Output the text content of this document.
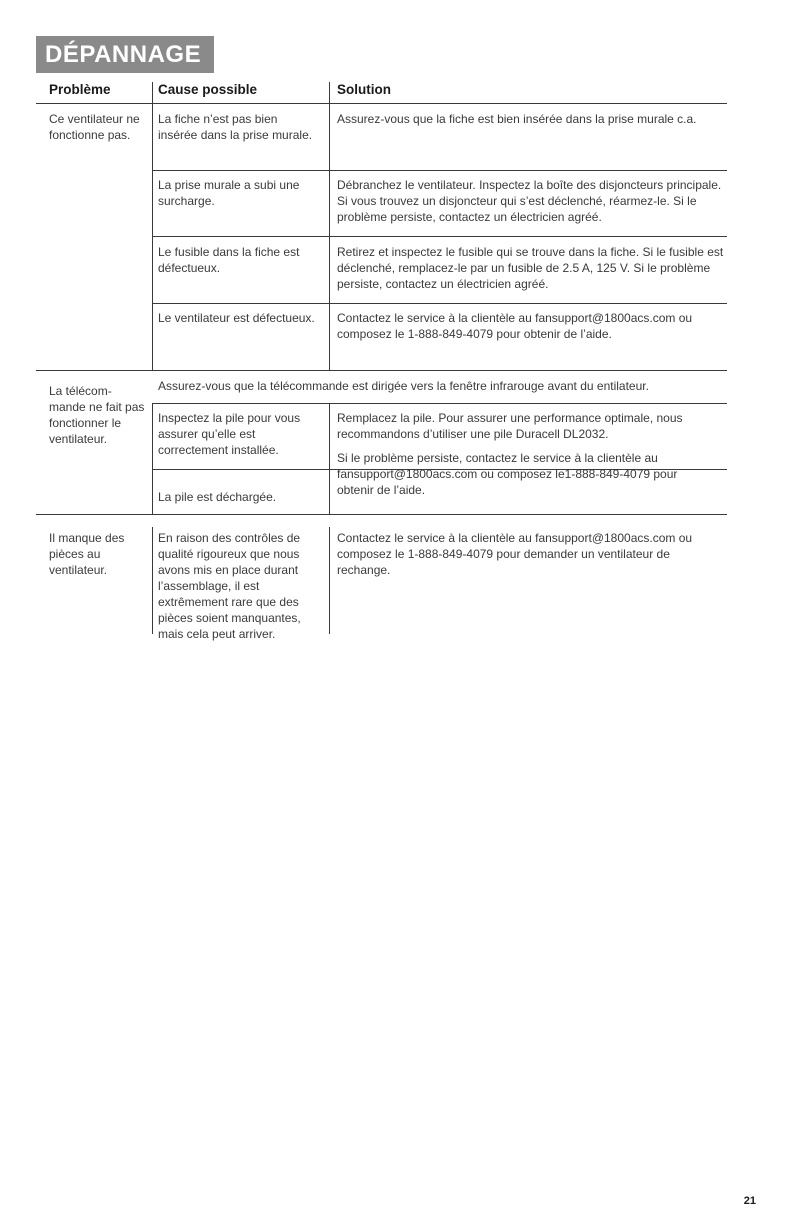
DÉPANNAGE
Problème	Cause possible	Solution
Ce ventilateur ne fonctionne pas.
La fiche n’est pas bien insérée dans la prise murale.
Assurez-vous que la fiche est bien insérée dans la prise murale c.a.
La prise murale a subi une surcharge.
Débranchez le ventilateur. Inspectez la boîte des disjoncteurs principale. Si vous trouvez un disjoncteur qui s’est déclenché, réarmez-le. Si le problème persiste, contactez un électricien agréé.
Le fusible dans la fiche est défectueux.
Retirez et inspectez le fusible qui se trouve dans la fiche. Si le fusible est déclenché, remplacez-le par un fusible de 2.5 A, 125 V. Si le problème persiste, contactez un électricien agréé.
Le ventilateur est défectueux. Contactez le service à la clientèle au fansupport@1800acs.com ou composez le 1-888-849-4079 pour obtenir de l’aide.
La télécom-mande ne fait pas fonctionner le ventilateur.
Assurez-vous que la télécommande est dirigée vers la fenêtre infrarouge avant du entilateur.
Inspectez la pile pour vous assurer qu’elle est correctement installée.
Remplacez la pile. Pour assurer une performance optimale, nous recommandons d’utiliser une pile Duracell DL2032.
La pile est déchargée.
Si le problème persiste, contactez le service à la clientèle au fansupport@1800acs.com ou composez le1-888-849-4079 pour obtenir de l’aide.
Il manque des pièces au ventilateur.
En raison des contrôles de qualité rigoureux que nous avons mis en place durant l’assemblage, il est extrêmement rare que des pièces soient manquantes, mais cela peut arriver.
Contactez le service à la clientèle au fansupport@1800acs.com ou composez le 1-888-849-4079 pour demander un ventilateur de rechange.
21
